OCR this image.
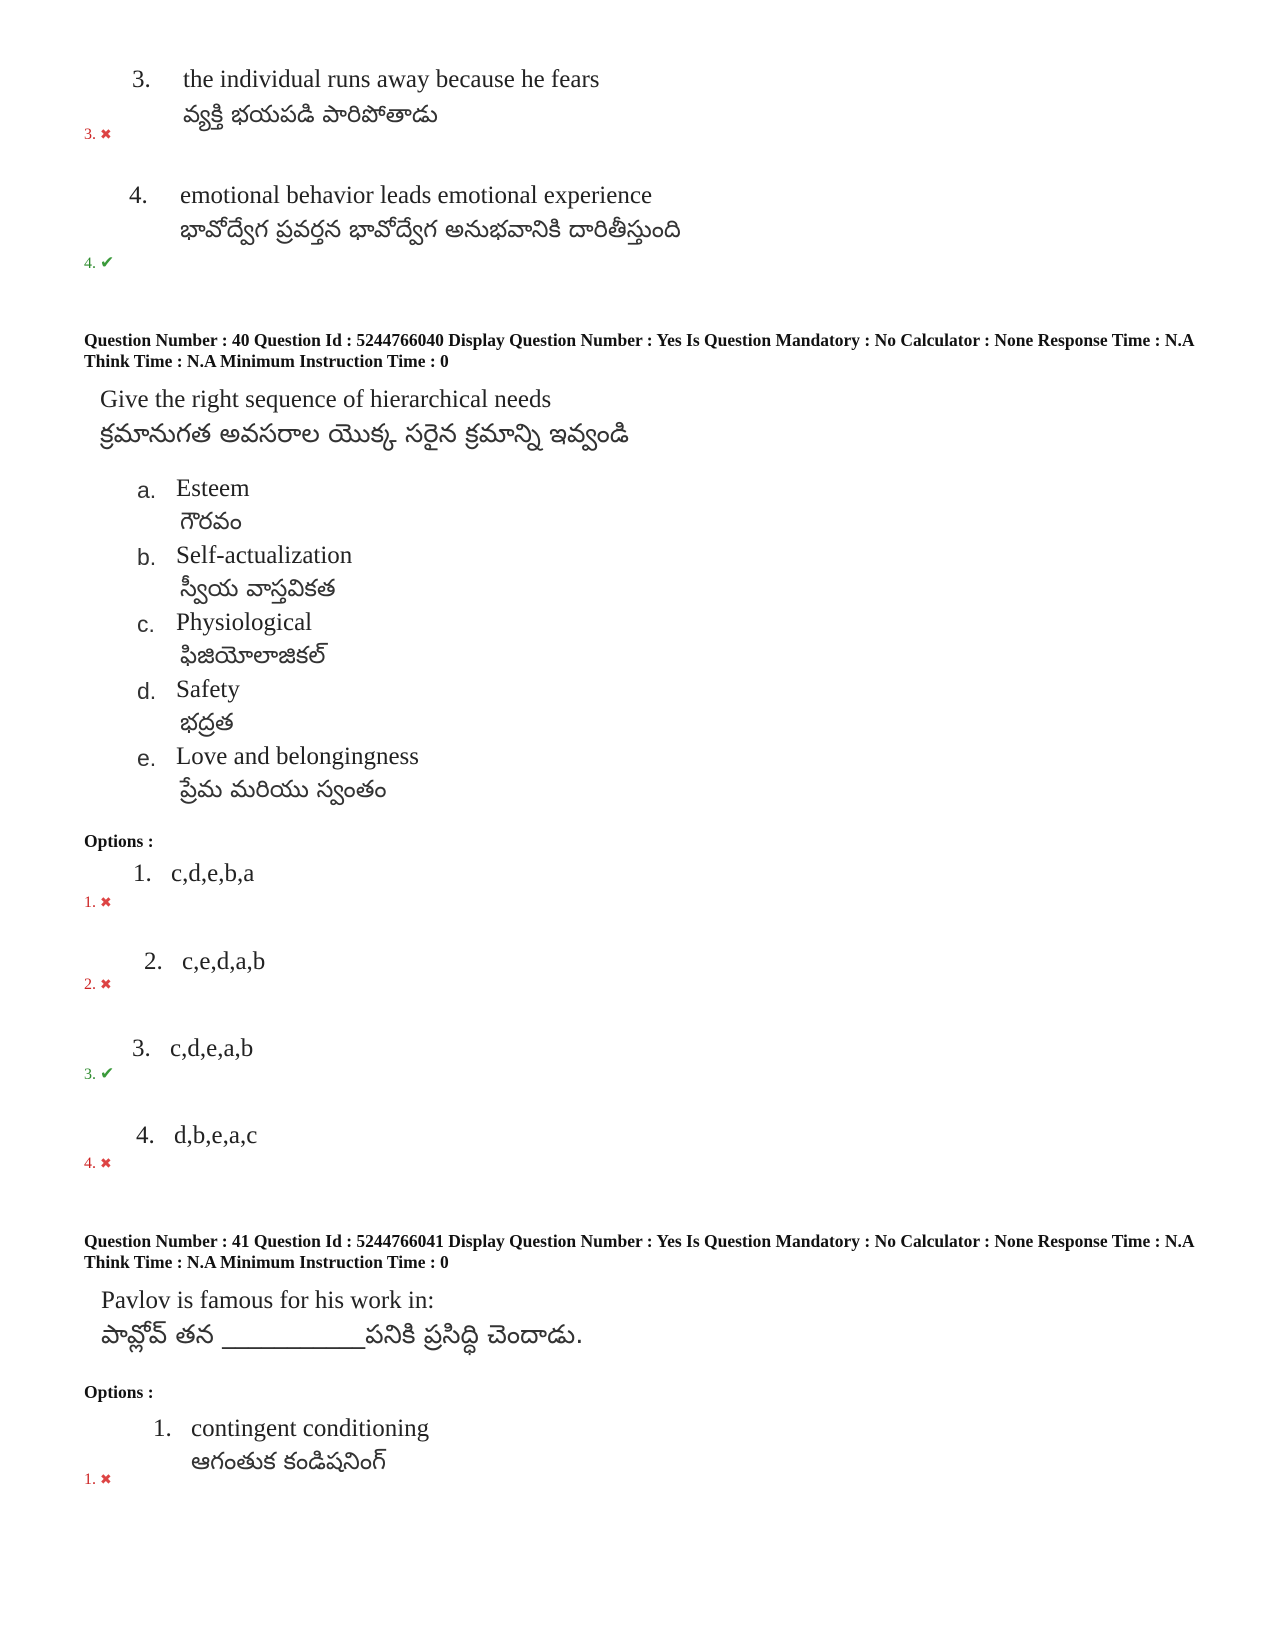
3. the individual runs away because he fears
వ్యక్తి భయపడి పారిపోతాడు
3. ✖
4. emotional behavior leads emotional experience
భావోద్వేగ ప్రవర్తన భావోద్వేగ అనుభవానికి దారితీస్తుంది
4. ✔
Question Number : 40 Question Id : 5244766040 Display Question Number : Yes Is Question Mandatory : No Calculator : None Response Time : N.A Think Time : N.A Minimum Instruction Time : 0
Give the right sequence of hierarchical needs
క్రమానుగత అవసరాల యొక్క సరైన క్రమాన్ని ఇవ్వండి
a. Esteem
గౌరవం
b. Self-actualization
స్వీయ వాస్తవికత
c. Physiological
ఫిజియోలాజికల్
d. Safety
భద్రత
e. Love and belongingness
ప్రేమ మరియు స్వంతం
Options :
1. c,d,e,b,a
1. ✖
2. c,e,d,a,b
2. ✖
3. c,d,e,a,b
3. ✔
4. d,b,e,a,c
4. ✖
Question Number : 41 Question Id : 5244766041 Display Question Number : Yes Is Question Mandatory : No Calculator : None Response Time : N.A Think Time : N.A Minimum Instruction Time : 0
Pavlov is famous for his work in:
పావ్లోవ్ తన ___________పనికి ప్రసిద్ధి చెందాడు.
Options :
1. contingent conditioning
ఆగంతుక కండిషనింగ్
1. ✖
